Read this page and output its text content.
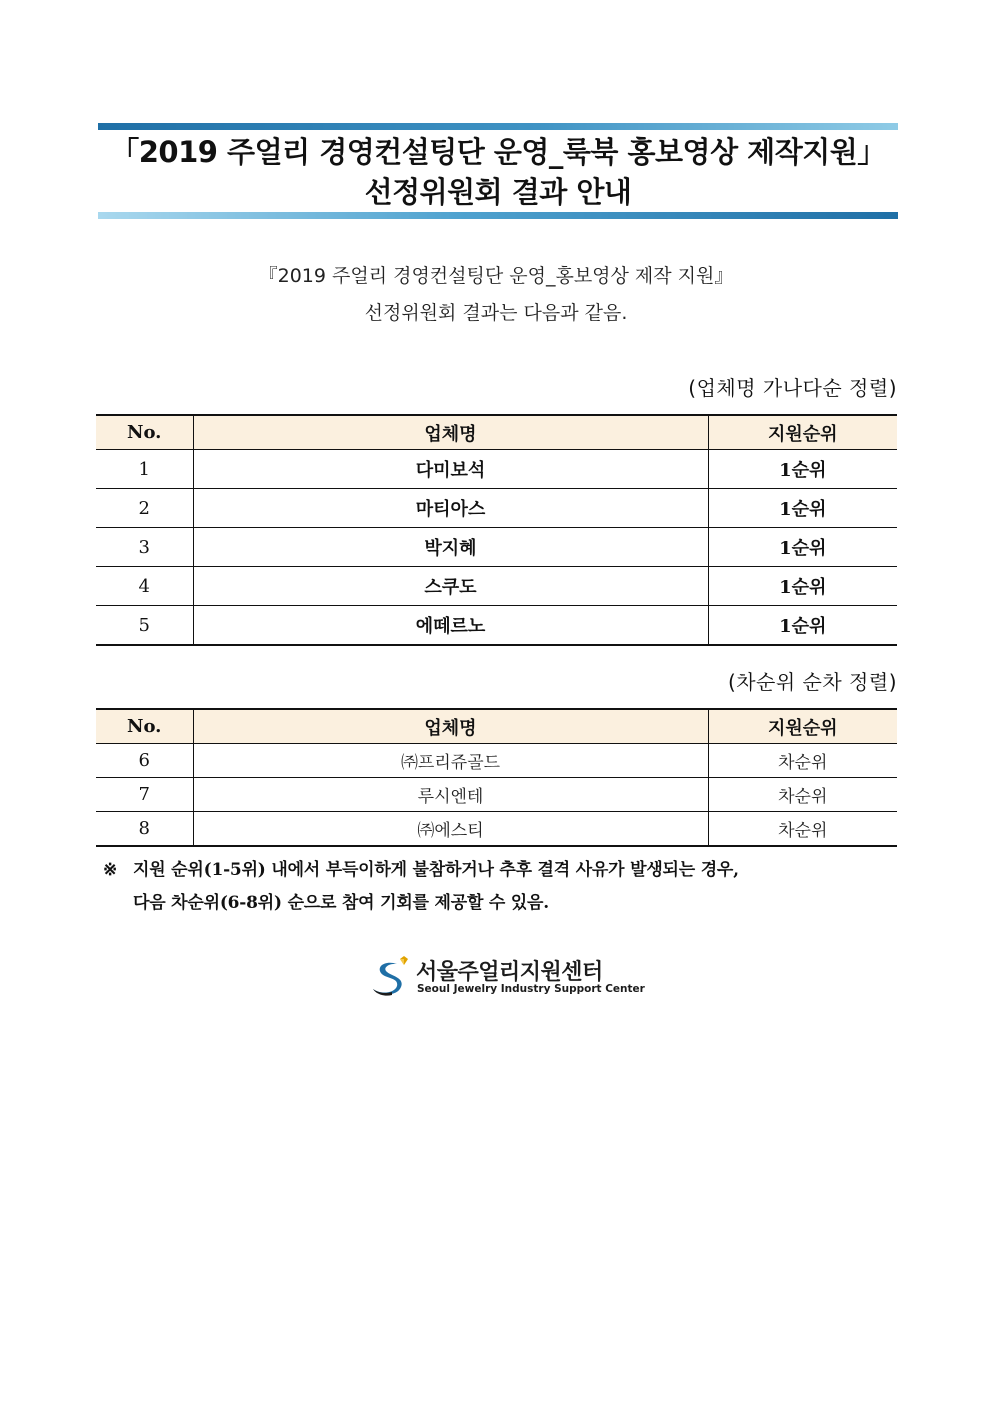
「2019 주얼리 경영컨설팅단 운영_룩북 홍보영상 제작지원」
선정위원회 결과 안내
『2019 주얼리 경영컨설팅단 운영_홍보영상 제작 지원』
선정위원회 결과는 다음과 같음.
(업체명 가나다순 정렬)
No.	업체명	지원순위
1	다미보석	1순위
2	마티아스	1순위
3	박지혜	1순위
4	스쿠도	1순위
5	에떼르노	1순위
(차순위 순차 정렬)
No.	업체명	지원순위
6	㈜프리쥬골드	차순위
7	루시엔테	차순위
8	㈜에스티	차순위
※ 지원 순위(1-5위) 내에서 부득이하게 불참하거나 추후 결격 사유가 발생되는 경우,
다음 차순위(6-8위) 순으로 참여 기회를 제공할 수 있음.
서울주얼리지원센터
Seoul Jewelry Industry Support Center
